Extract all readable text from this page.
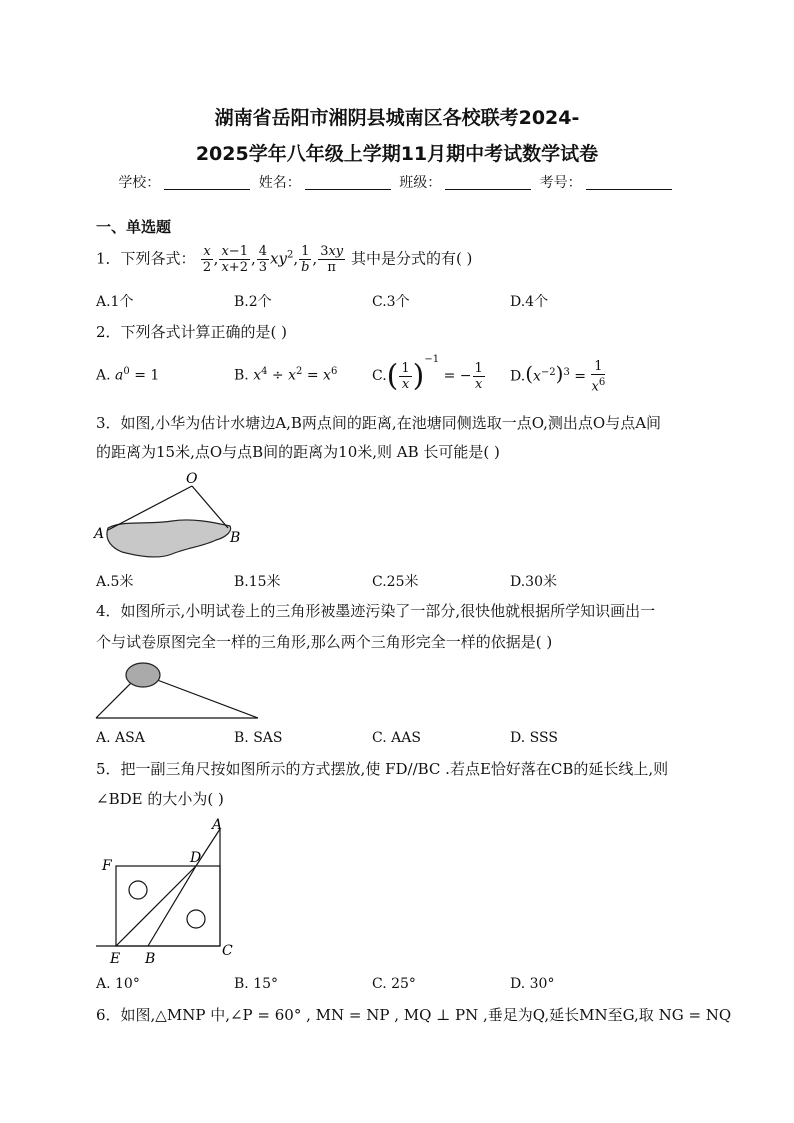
湖南省岳阳市湘阴县城南区各校联考2024-
2025学年八年级上学期11月期中考试数学试卷
学校：	姓名：	班级：	考号：
一、单选题
1．下列各式： $\frac{x}{2}$ , $\frac{x-1}{x+2}$ , $\frac{4}{3} xy^2$, $\frac{1}{b}$ , $\frac{3xy}{\pi}$ 其中是分式的有( )
A.1个	B.2个	C.3个	D.4个
2．下列各式计算正确的是( )
A. $a^0 = 1$	B. $x^4 \div x^2 = x^6$ $C.( \frac{1}{x} )^{-1}$ = − $\frac{1}{x} D.(x^{-2})^3 = \frac{1}{x^6}$
3．如图,小华为估计水塘边A,B两点间的距离,在池塘同侧选取一点O,测出点O与点A间
的距离为15米,点O与点B间的距离为10米,则 AB 长可能是( )
O
A	B
A.5米	B.15米	C.25米	D.30米
4．如图所示,小明试卷上的三角形被墨迹污染了一部分,很快他就根据所学知识画出一
个与试卷原图完全一样的三角形,那么两个三角形完全一样的依据是( )
A. ASA	B. SAS	C. AAS	D. SSS
5．把一副三角尺按如图所示的方式摆放,使 FD//BC .若点E恰好落在CB的延长线上,则
∠BDE 的大小为( )
A
D
F
E B	C
A. 10°	B. 15°	C. 25°	D. 30°
6．如图,△MNP 中,∠P = 60° , MN = NP , MQ ⊥ PN ,垂足为Q,延长MN至G,取 NG = NQ
